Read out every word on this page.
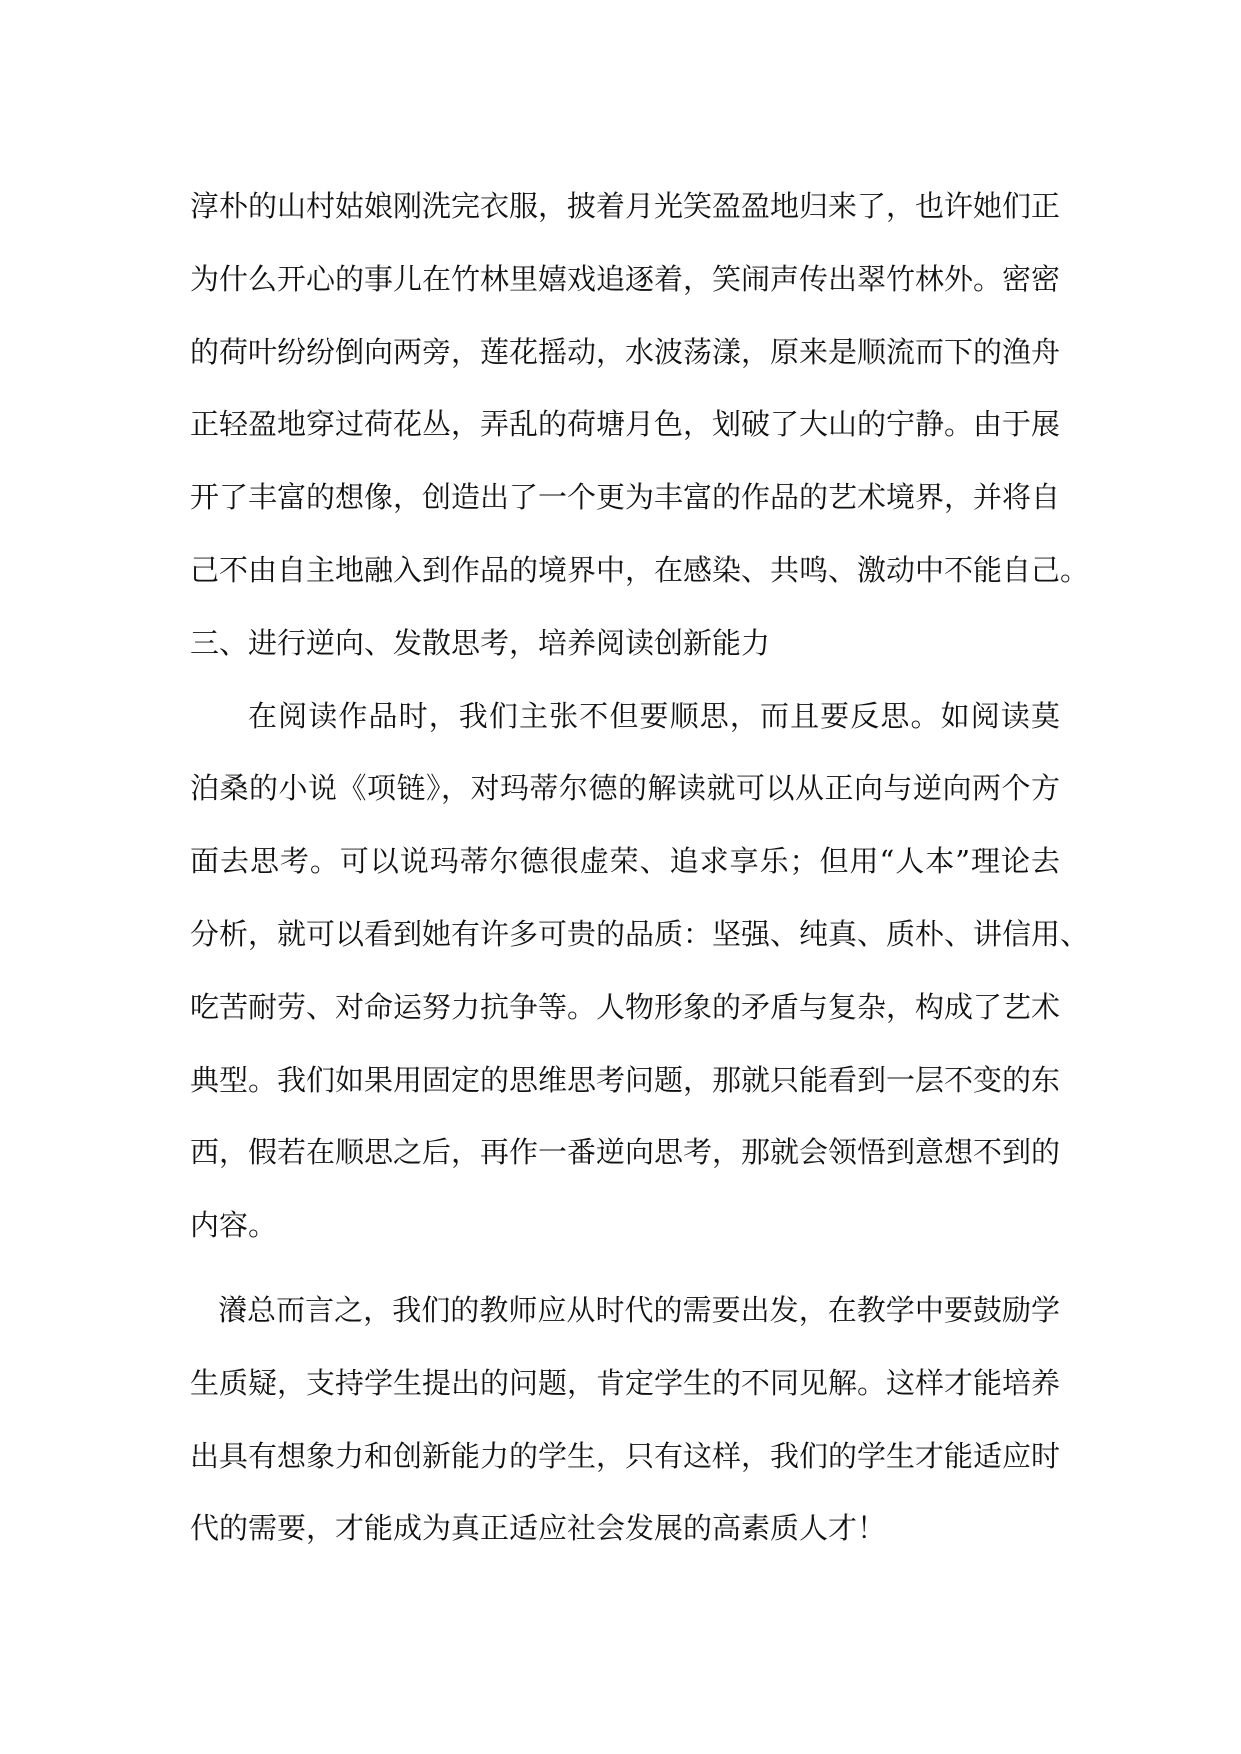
淳朴的山村姑娘刚洗完衣服，披着月光笑盈盈地归来了，也许她们正
为什么开心的事儿在竹林里嬉戏追逐着，笑闹声传出翠竹林外。密密
的荷叶纷纷倒向两旁，莲花摇动，水波荡漾，原来是顺流而下的渔舟
正轻盈地穿过荷花丛，弄乱的荷塘月色，划破了大山的宁静。由于展
开了丰富的想像，创造出了一个更为丰富的作品的艺术境界，并将自
己不由自主地融入到作品的境界中，在感染、共鸣、激动中不能自己。
三、进行逆向、发散思考，培养阅读创新能力
在阅读作品时，我们主张不但要顺思，而且要反思。如阅读莫
泊桑的小说《项链》，对玛蒂尔德的解读就可以从正向与逆向两个方
面去思考。可以说玛蒂尔德很虚荣、追求享乐；但用“人本”理论去
分析，就可以看到她有许多可贵的品质：坚强、纯真、质朴、讲信用、
吃苦耐劳、对命运努力抗争等。人物形象的矛盾与复杂，构成了艺术
典型。我们如果用固定的思维思考问题，那就只能看到一层不变的东
西，假若在顺思之后，再作一番逆向思考，那就会领悟到意想不到的
内容。
瀁总而言之，我们的教师应从时代的需要出发，在教学中要鼓励学
生质疑，支持学生提出的问题，肯定学生的不同见解。这样才能培养
出具有想象力和创新能力的学生，只有这样，我们的学生才能适应时
代的需要，才能成为真正适应社会发展的高素质人才！
